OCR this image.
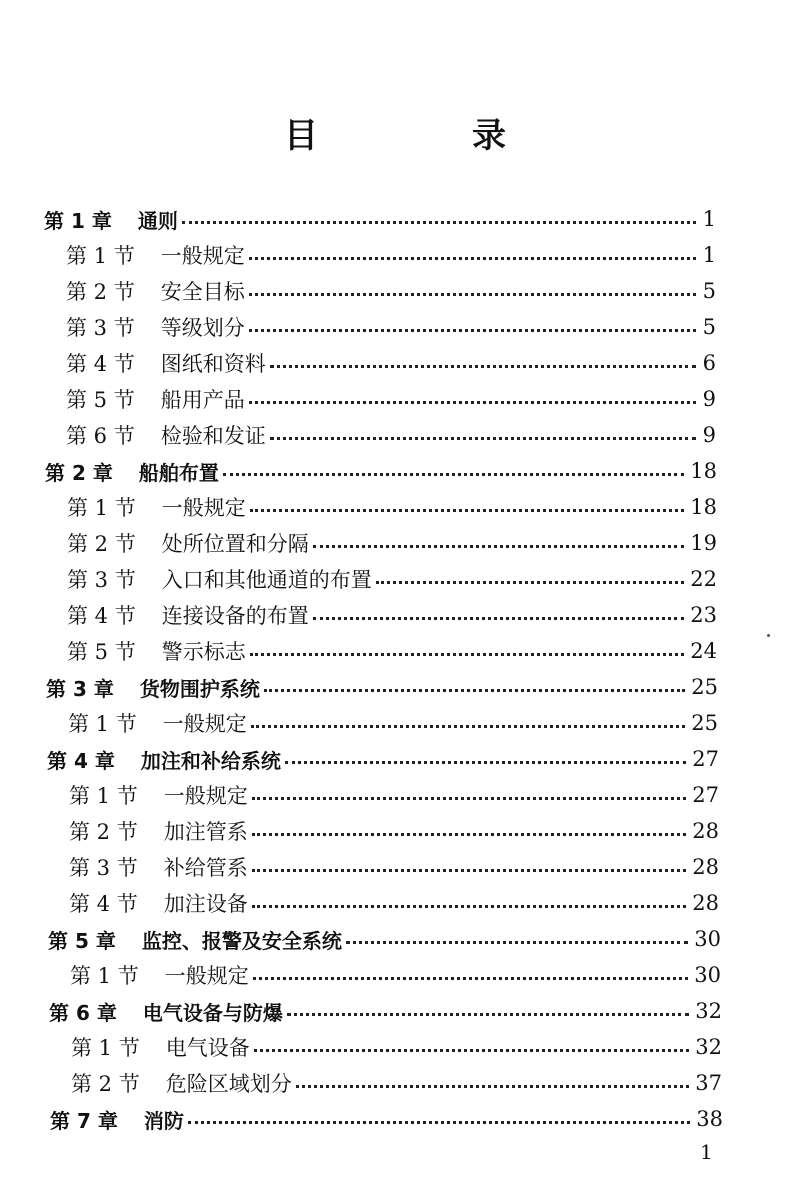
目　录
第 1 章 通则	1
第 1 节 一般规定	1
第 2 节 安全目标	5
第 3 节 等级划分	5
第 4 节 图纸和资料	6
第 5 节 船用产品	9
第 6 节 检验和发证	9
第 2 章 船舶布置	18
第 1 节 一般规定	18
第 2 节 处所位置和分隔	19
第 3 节 入口和其他通道的布置	22
第 4 节 连接设备的布置	23
第 5 节 警示标志	24
第 3 章 货物围护系统	25
第 1 节 一般规定	25
第 4 章 加注和补给系统	27
第 1 节 一般规定	27
第 2 节 加注管系	28
第 3 节 补给管系	28
第 4 节 加注设备	28
第 5 章 监控、报警及安全系统	30
第 1 节 一般规定	30
第 6 章 电气设备与防爆	32
第 1 节 电气设备	32
第 2 节 危险区域划分	37
第 7 章 消防	38
1
